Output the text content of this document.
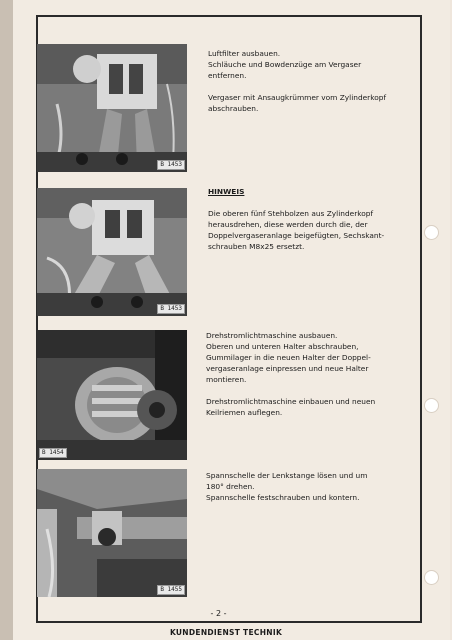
B 1453
B 1453
B 1454
B 1455

Luftfilter ausbauen.

Schläuche und Bowdenzüge am Vergaser

entfernen.

Vergaser mit Ansaugkrümmer vom Zylinderkopf

abschrauben.

HINWEIS

Die oberen fünf Stehbolzen aus Zylinderkopf

herausdrehen, diese werden durch die, der

Doppelvergaseranlage beigefügten, Sechskant-

schrauben M8x25 ersetzt.

Drehstromlichtmaschine ausbauen.

Oberen und unteren Halter abschrauben,

Gummilager in die neuen Halter der Doppel-

vergaseranlage einpressen und neue Halter

montieren.

Drehstromlichtmaschine einbauen und neuen

Keilriemen auflegen.

Spannschelle der Lenkstange lösen und um

180° drehen.

Spannschelle festschrauben und kontern.

- 2 -
KUNDENDIENST TECHNIK
